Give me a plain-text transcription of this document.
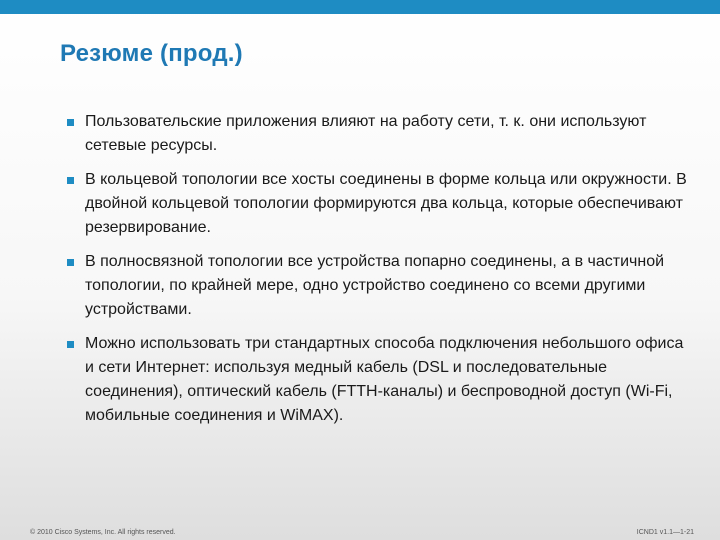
Резюме (прод.)
Пользовательские приложения влияют на работу сети, т. к. они используют сетевые ресурсы.
В кольцевой топологии все хосты соединены в форме кольца или окружности. В двойной кольцевой топологии формируются два кольца, которые обеспечивают резервирование.
В полносвязной топологии все устройства попарно соединены, а в частичной топологии, по крайней мере, одно устройство соединено со всеми другими устройствами.
Можно использовать три стандартных способа подключения небольшого офиса и сети Интернет: используя медный кабель (DSL и последовательные соединения), оптический кабель (FTTH-каналы) и беспроводной доступ (Wi-Fi, мобильные соединения и WiMAX).
© 2010 Cisco Systems, Inc. All rights reserved.	ICND1 v1.1—1-21
